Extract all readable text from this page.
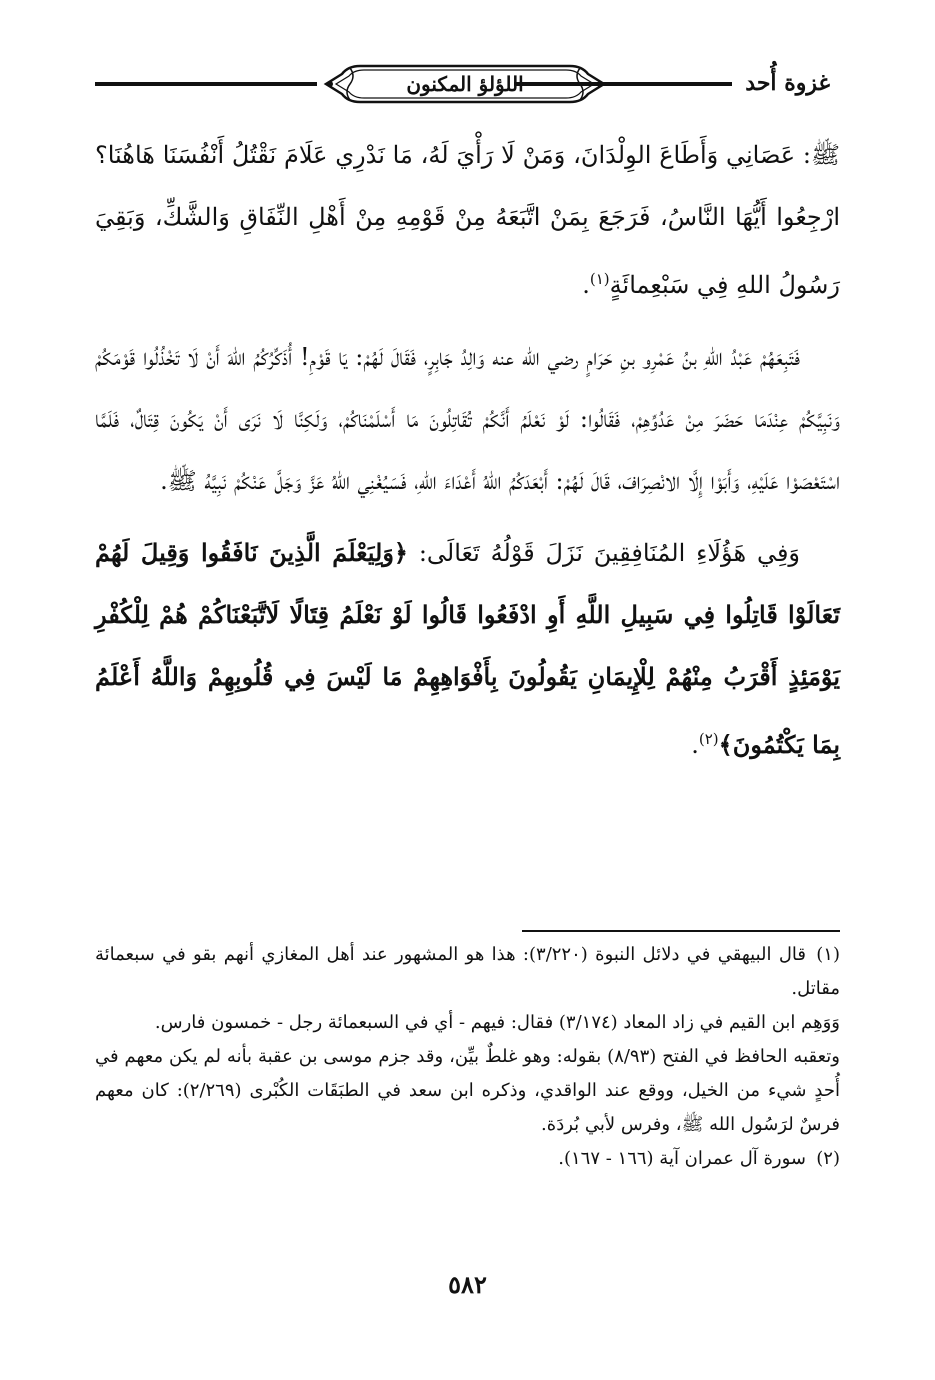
اللؤلؤ المكنون	غزوة أُحد

ﷺ: عَصَانِي وَأَطَاعَ الوِلْدَانَ، وَمَنْ لَا رَأْيَ لَهُ، مَا نَدْرِي عَلَامَ نَقْتُلُ أَنْفُسَنَا هَاهُنَا؟ ارْجِعُوا أَيُّهَا النَّاسُ، فَرَجَعَ بِمَنْ اتَّبَعَهُ مِنْ قَوْمِهِ مِنْ أَهْلِ النِّفَاقِ وَالشَّكِّ، وَبَقِيَ رَسُولُ اللهِ فِي سَبْعِمائَةٍ$^{(١)}$.

فَتَبِعَهُمْ عَبْدُ اللهِ بنُ عَمْرِو بنِ حَرَامٍ رضي الله عنه وَالِدُ جَابِرٍ، فَقَالَ لَهُمْ: يَا قَوْمِ! أُذَكِّرُكُمُ اللهَ أَنْ لَا تَخْذُلُوا قَوْمَكُمْ وَنَبِيَّكُمْ عِنْدَمَا حَضَرَ مِنْ عَدُوِّهِمْ، فَقَالُوا: لَوْ نَعْلَمُ أَنَّكُمْ تُقَاتِلُونَ مَا أَسْلَمْنَاكُمْ، وَلَكِنَّا لَا نَرَى أَنْ يَكُونَ قِتَالٌ، فَلَمَّا اسْتَعْصَوْا عَلَيْهِ، وَأَبَوْا إِلَّا الانْصِرَافَ، قَالَ لَهُمْ: أَبْعَدَكُمُ اللهُ أَعْدَاءَ اللهِ، فَسَيُغْنِي اللهُ عَزَّ وَجَلَّ عَنْكُمْ نَبِيَّهُ ﷺ.

وَفِي هَؤُلَاءِ المُنَافِقِينَ نَزَلَ قَوْلُهُ تَعَالَى: ﴿وَلِيَعْلَمَ الَّذِينَ نَافَقُوا وَقِيلَ لَهُمْ تَعَالَوْا قَاتِلُوا فِي سَبِيلِ اللَّهِ أَوِ ادْفَعُوا قَالُوا لَوْ نَعْلَمُ قِتَالًا لَاتَّبَعْنَاكُمْ هُمْ لِلْكُفْرِ يَوْمَئِذٍ أَقْرَبُ مِنْهُمْ لِلْإِيمَانِ يَقُولُونَ بِأَفْوَاهِهِمْ مَا لَيْسَ فِي قُلُوبِهِمْ وَاللَّهُ أَعْلَمُ بِمَا يَكْتُمُونَ﴾$^{(٢)}$.

(١)قال البيهقي في دلائل النبوة (٣/٢٢٠): هذا هو المشهور عند أهل المغازي أنهم بقو في سبعمائة مقاتل.
وَوَهِم ابن القيم في زاد المعاد (٣/١٧٤) فقال: فيهم - أي في السبعمائة رجل - خمسون فارس.
وتعقبه الحافظ في الفتح (٨/٩٣) بقوله: وهو غلطٌ بيِّن، وقد جزم موسى بن عقبة بأنه لم يكن معهم في أُحدٍ شيء من الخيل، ووقع عند الواقدي، وذكره ابن سعد في الطبَقَات الكُبْرى (٢/٢٦٩): كان معهم فرسٌ لرَسُول الله ﷺ، وفرس لأبي بُردَة.
(٢)سورة آل عمران آية (١٦٦ - ١٦٧).
٥٨٢
